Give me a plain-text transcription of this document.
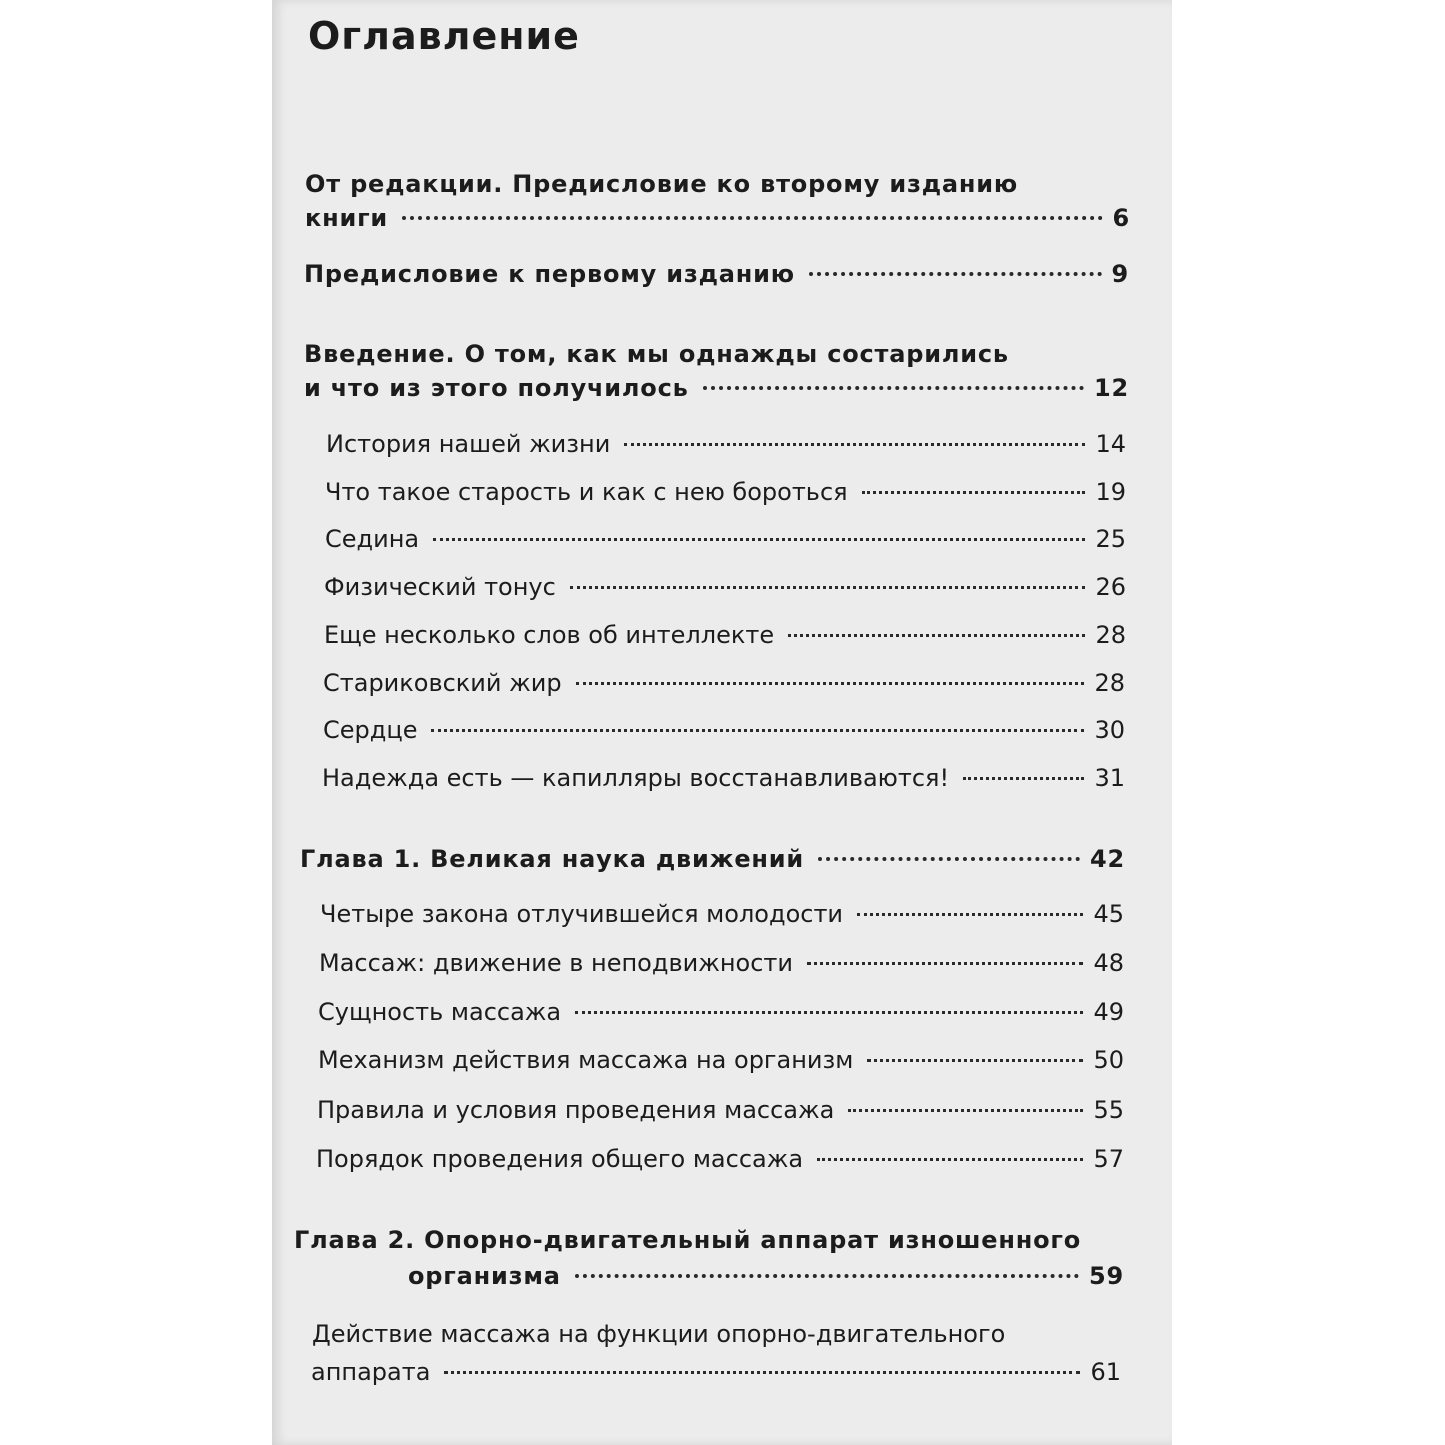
Оглавление
От редакции. Предисловие ко второму изданию
книги	6
Предисловие к первому изданию	9
Введение. О том, как мы однажды состарились
и что из этого получилось	12
История нашей жизни	14
Что такое старость и как с нею бороться	19
Седина	25
Физический тонус	26
Еще несколько слов об интеллекте	28
Стариковский жир	28
Сердце	30
Надежда есть — капилляры восстанавливаются!	31
Глава 1. Великая наука движений	42
Четыре закона отлучившейся молодости	45
Массаж: движение в неподвижности	48
Сущность массажа	49
Механизм действия массажа на организм	50
Правила и условия проведения массажа	55
Порядок проведения общего массажа	57
Глава 2. Опорно-двигательный аппарат изношенного
организма	59
Действие массажа на функции опорно-двигательного
аппарата	61
